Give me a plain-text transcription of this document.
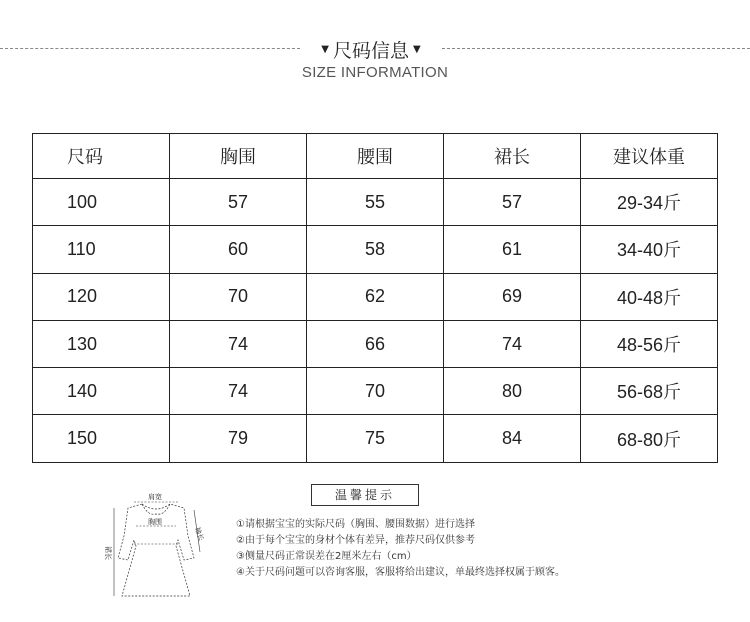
▼ 尺码信息 ▼
SIZE INFORMATION
尺码	胸围	腰围	裙长	建议体重
100	57	55	57	29-34斤
110	60	58	61	34-40斤
120	70	62	69	40-48斤
130	74	66	74	48-56斤
140	74	70	80	56-68斤
150	79	75	84	68-80斤
肩宽
胸围
袖长
裙长
温馨提示
①请根据宝宝的实际尺码（胸围、腰围数据）进行选择
②由于每个宝宝的身材个体有差异，推荐尺码仅供参考
③侧量尺码正常误差在2厘米左右（cm）
④关于尺码问题可以咨询客服，客服将给出建议，单最终选择权属于顾客。
